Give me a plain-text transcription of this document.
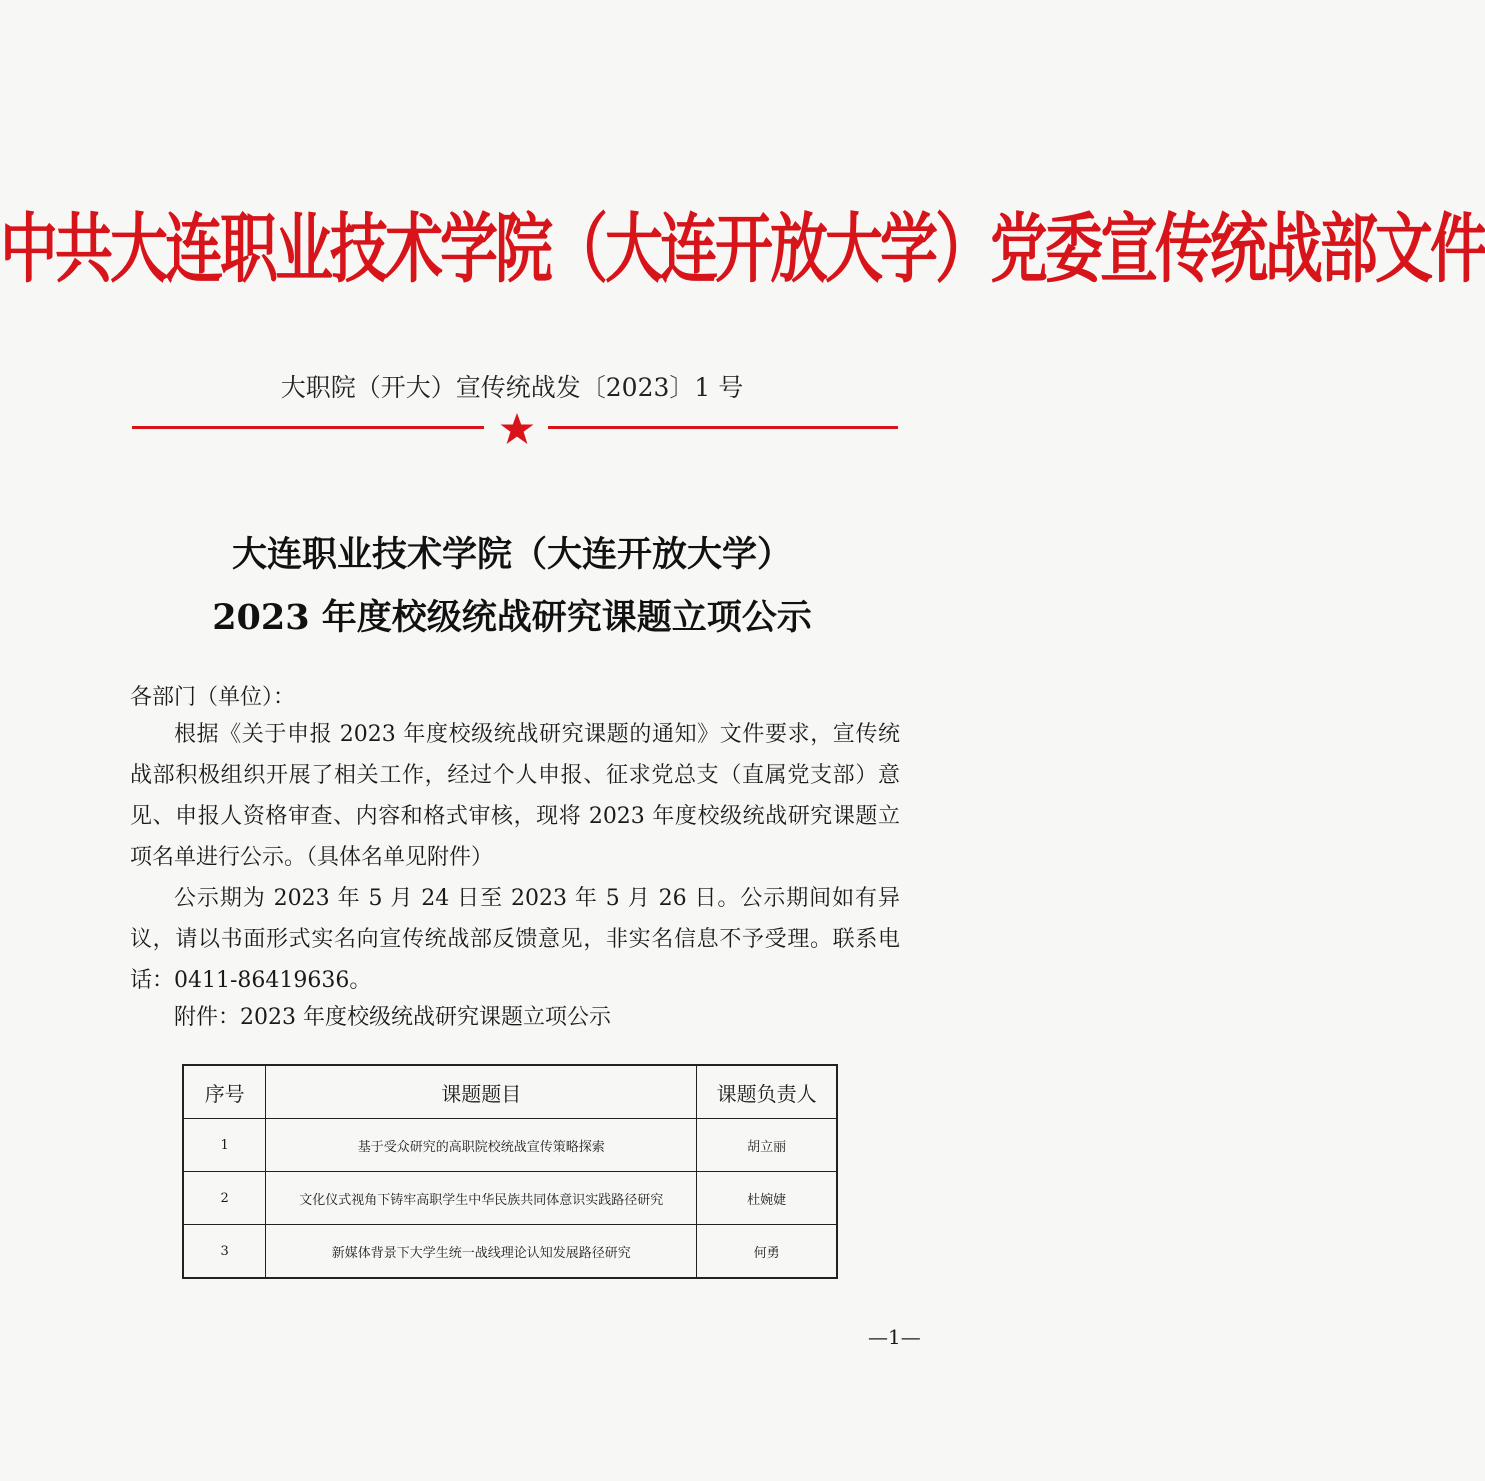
中共大连职业技术学院（大连开放大学）党委宣传统战部文件
大职院（开大）宣传统战发〔2023〕1 号
大连职业技术学院（大连开放大学）
2023 年度校级统战研究课题立项公示
各部门（单位）：
根据《关于申报 2023 年度校级统战研究课题的通知》文件要求，宣传统战部积极组织开展了相关工作，经过个人申报、征求党总支（直属党支部）意见、申报人资格审查、内容和格式审核，现将 2023 年度校级统战研究课题立项名单进行公示。（具体名单见附件）
公示期为 2023 年 5 月 24 日至 2023 年 5 月 26 日。公示期间如有异议，请以书面形式实名向宣传统战部反馈意见，非实名信息不予受理。联系电话：0411-86419636。
附件：2023 年度校级统战研究课题立项公示
序号	课题题目	课题负责人
1	基于受众研究的高职院校统战宣传策略探索	胡立丽
2	文化仪式视角下铸牢高职学生中华民族共同体意识实践路径研究	杜婉婕
3	新媒体背景下大学生统一战线理论认知发展路径研究	何勇
—1—
